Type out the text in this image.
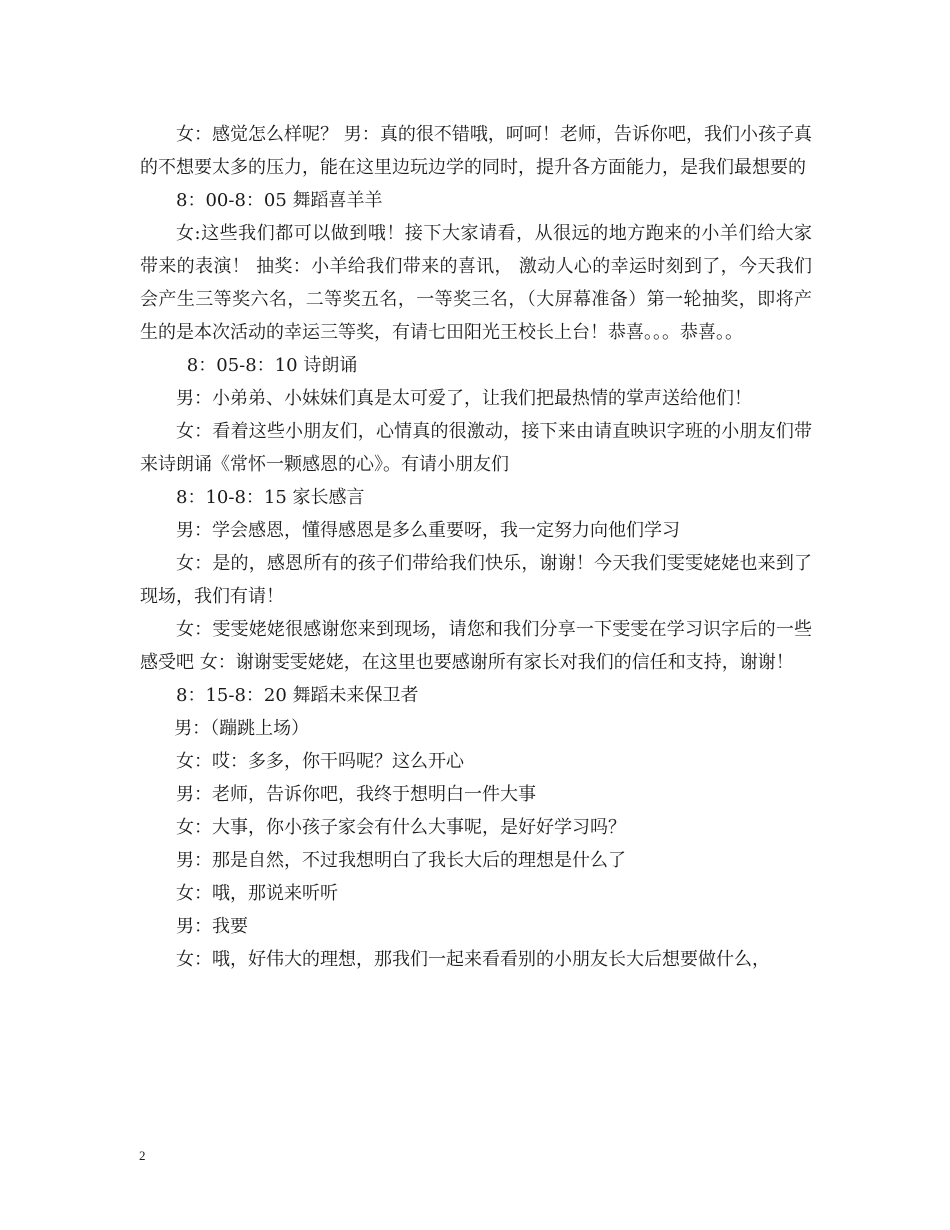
女：感觉怎么样呢？ 男：真的很不错哦，呵呵！老师，告诉你吧，我们小孩子真的不想要太多的压力，能在这里边玩边学的同时，提升各方面能力，是我们最想要的

8：00-8：05 舞蹈喜羊羊

女:这些我们都可以做到哦！接下大家请看，从很远的地方跑来的小羊们给大家带来的表演！ 抽奖：小羊给我们带来的喜讯， 激动人心的幸运时刻到了，今天我们会产生三等奖六名，二等奖五名，一等奖三名，（大屏幕准备）第一轮抽奖，即将产生的是本次活动的幸运三等奖，有请七田阳光王校长上台！恭喜。。。恭喜。。

8：05-8：10 诗朗诵

男：小弟弟、小妹妹们真是太可爱了，让我们把最热情的掌声送给他们！

女：看着这些小朋友们，心情真的很激动，接下来由请直映识字班的小朋友们带来诗朗诵《常怀一颗感恩的心》。有请小朋友们

8：10-8：15 家长感言

男：学会感恩，懂得感恩是多么重要呀，我一定努力向他们学习

女：是的，感恩所有的孩子们带给我们快乐，谢谢！今天我们雯雯姥姥也来到了现场，我们有请！

女：雯雯姥姥很感谢您来到现场，请您和我们分享一下雯雯在学习识字后的一些感受吧 女：谢谢雯雯姥姥，在这里也要感谢所有家长对我们的信任和支持，谢谢！

8：15-8：20 舞蹈未来保卫者

男：（蹦跳上场）

女：哎：多多，你干吗呢？这么开心

男：老师，告诉你吧，我终于想明白一件大事

女：大事，你小孩子家会有什么大事呢，是好好学习吗？

男：那是自然，不过我想明白了我长大后的理想是什么了

女：哦，那说来听听

男：我要

女：哦，好伟大的理想，那我们一起来看看别的小朋友长大后想要做什么，

2
